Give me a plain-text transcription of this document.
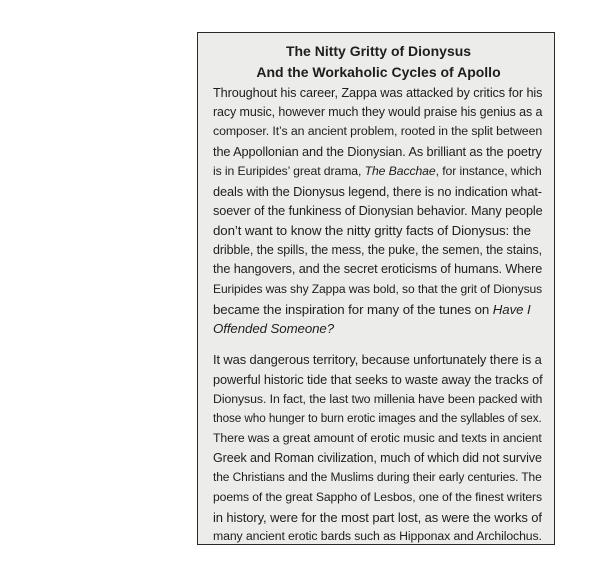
The Nitty Gritty of Dionysus
And the Workaholic Cycles of Apollo

Throughout his career, Zappa was attacked by critics for his
racy music, however much they would praise his genius as a
composer. It’s an ancient problem, rooted in the split between
the Appollonian and the Dionysian. As brilliant as the poetry
is in Euripides’ great drama, The Bacchae, for instance, which
deals with the Dionysus legend, there is no indication what-
soever of the funkiness of Dionysian behavior. Many people
don’t want to know the nitty gritty facts of Dionysus: the
dribble, the spills, the mess, the puke, the semen, the stains,
the hangovers, and the secret eroticisms of humans. Where
Euripides was shy Zappa was bold, so that the grit of Dionysus
became the inspiration for many of the tunes on Have I
Offended Someone?

It was dangerous territory, because unfortunately there is a
powerful historic tide that seeks to waste away the tracks of
Dionysus. In fact, the last two millenia have been packed with
those who hunger to burn erotic images and the syllables of sex.
There was a great amount of erotic music and texts in ancient
Greek and Roman civilization, much of which did not survive
the Christians and the Muslims during their early centuries. The
poems of the great Sappho of Lesbos, one of the finest writers
in history, were for the most part lost, as were the works of
many ancient erotic bards such as Hipponax and Archilochus.
